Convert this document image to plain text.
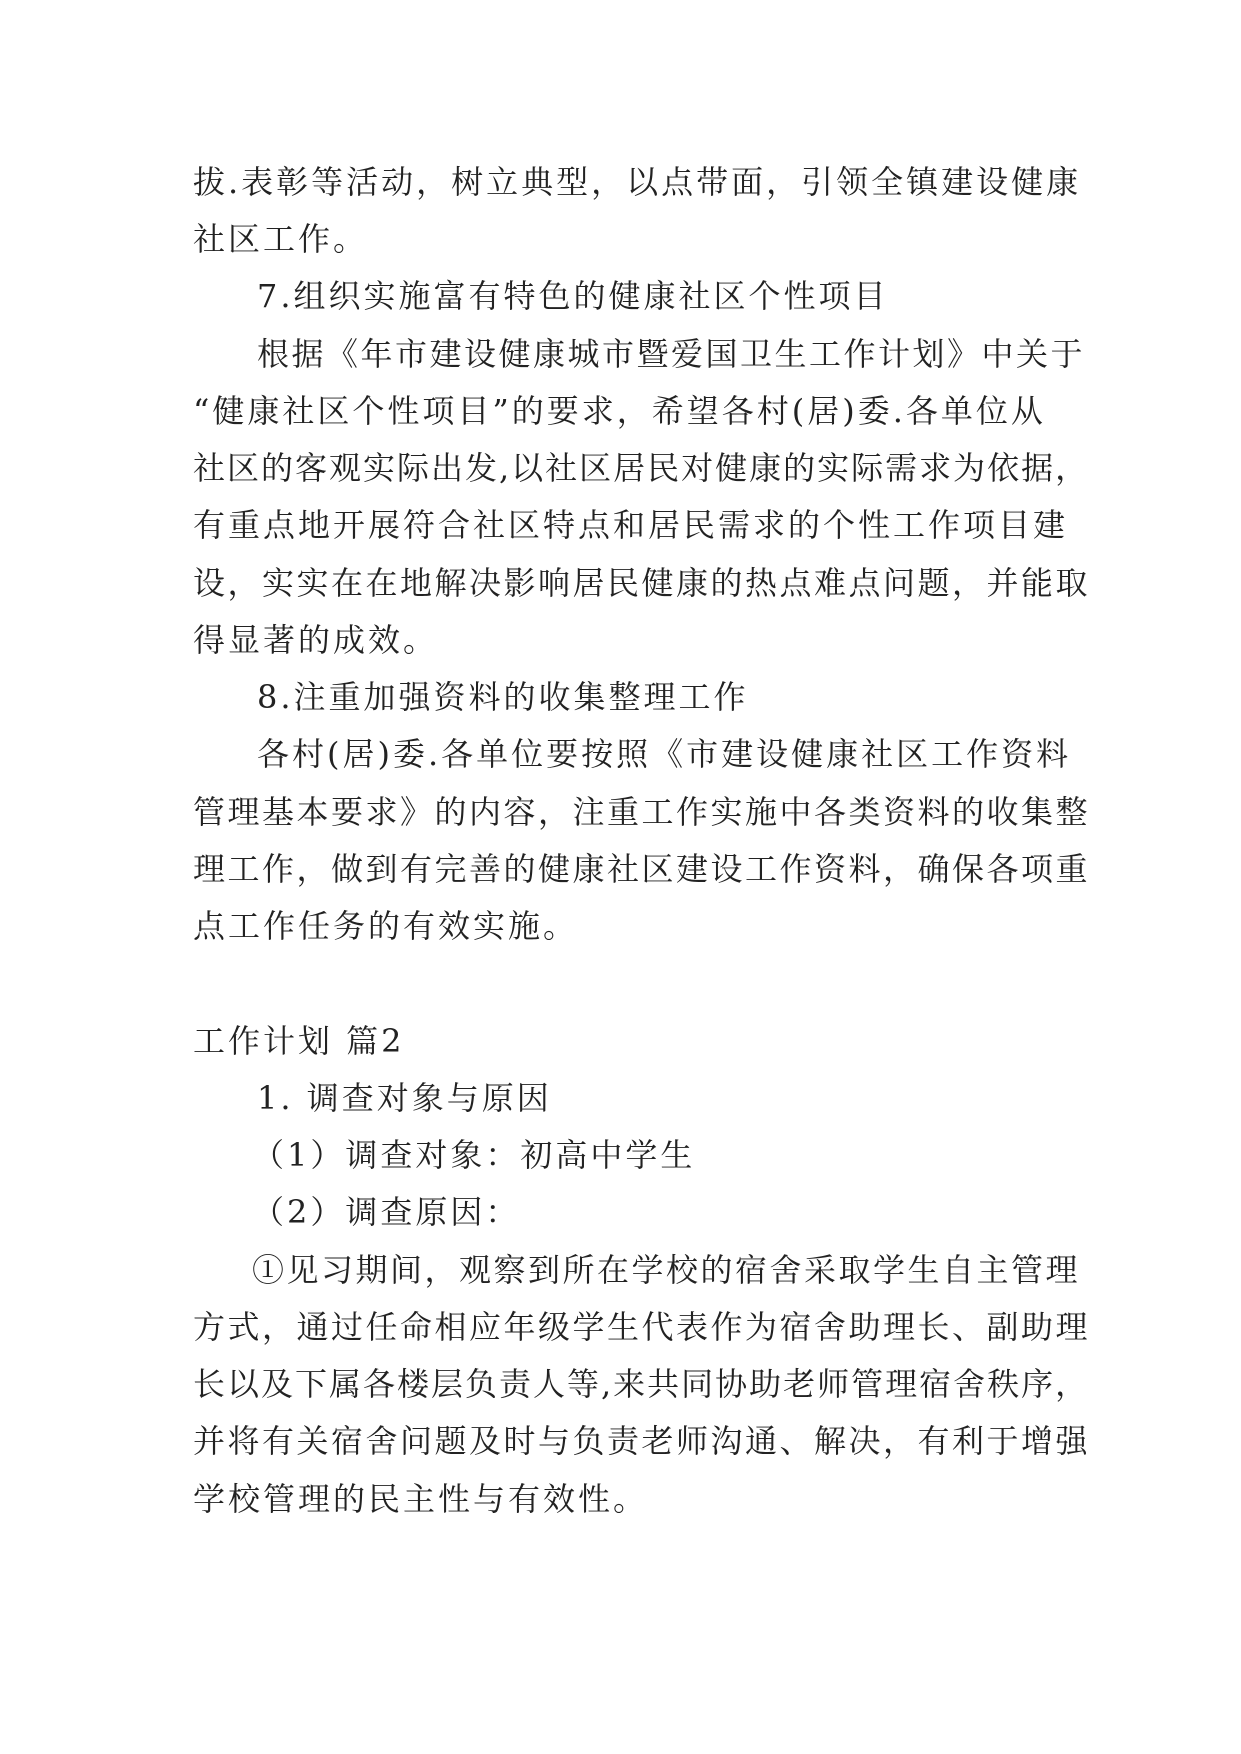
拔.表彰等活动，树立典型，以点带面，引领全镇建设健康

社区工作。

7.组织实施富有特色的健康社区个性项目

根据《年市建设健康城市暨爱国卫生工作计划》中关于

“健康社区个性项目”的要求，希望各村(居)委.各单位从

社区的客观实际出发,以社区居民对健康的实际需求为依据，

有重点地开展符合社区特点和居民需求的个性工作项目建

设，实实在在地解决影响居民健康的热点难点问题，并能取

得显著的成效。

8.注重加强资料的收集整理工作

各村(居)委.各单位要按照《市建设健康社区工作资料

管理基本要求》的内容，注重工作实施中各类资料的收集整

理工作，做到有完善的健康社区建设工作资料，确保各项重

点工作任务的有效实施。

工作计划 篇2

1. 调查对象与原因

（1）调查对象：初高中学生

（2）调查原因：

①见习期间，观察到所在学校的宿舍采取学生自主管理

方式，通过任命相应年级学生代表作为宿舍助理长、副助理

长以及下属各楼层负责人等,来共同协助老师管理宿舍秩序，

并将有关宿舍问题及时与负责老师沟通、解决，有利于增强

学校管理的民主性与有效性。
